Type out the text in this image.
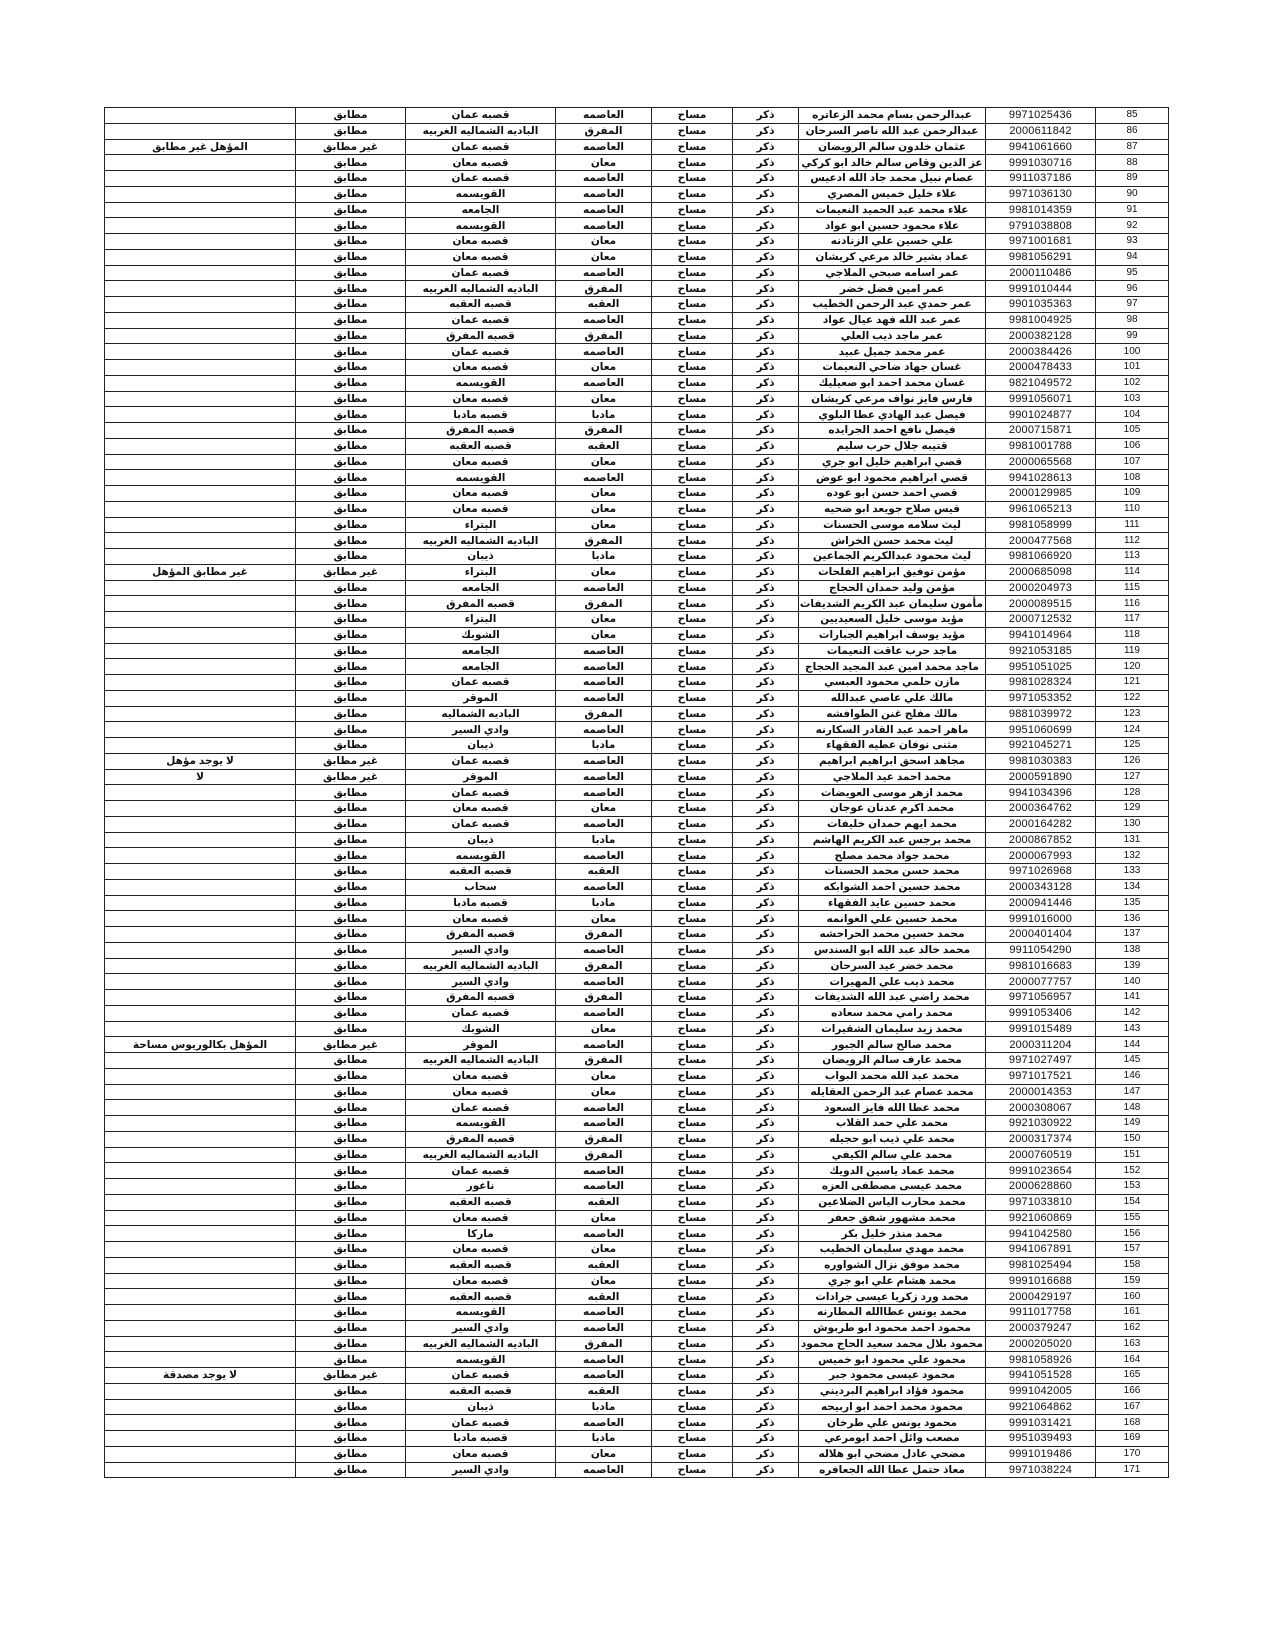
	مطابق	قصبه عمان	العاصمه	مساح	ذكر	عبدالرحمن بسام محمد الزعاتره	9971025436	85
	مطابق	الباديه الشماليه الغربيه	المفرق	مساح	ذكر	عبدالرحمن عبد الله ناصر السرحان	2000611842	86
المؤهل غير مطابق	غير مطابق	قصبه عمان	العاصمه	مساح	ذكر	عثمان خلدون سالم الرويضان	9941061660	87
	مطابق	قصبه معان	معان	مساح	ذكر	عز الدين وقاص سالم خالد ابو كركي	9991030716	88
	مطابق	قصبه عمان	العاصمه	مساح	ذكر	عصام نبيل محمد جاد الله ادعيس	9911037186	89
	مطابق	القويسمه	العاصمه	مساح	ذكر	علاء خليل خميس المصري	9971036130	90
	مطابق	الجامعه	العاصمه	مساح	ذكر	علاء محمد عبد الحميد النعيمات	9981014359	91
	مطابق	القويسمه	العاصمه	مساح	ذكر	علاء محمود حسين ابو عواد	9791038808	92
	مطابق	قصبه معان	معان	مساح	ذكر	علي حسين علي الزنادنه	9971001681	93
	مطابق	قصبه معان	معان	مساح	ذكر	عماد بشير خالد مرعي كريشان	9981056291	94
	مطابق	قصبه عمان	العاصمه	مساح	ذكر	عمر اسامه صبحي الملاجي	2000110486	95
	مطابق	الباديه الشماليه الغربيه	المفرق	مساح	ذكر	عمر امين فضل خضر	9991010444	96
	مطابق	قصبه العقبه	العقبه	مساح	ذكر	عمر حمدي عبد الرحمن الخطيب	9901035363	97
	مطابق	قصبه عمان	العاصمه	مساح	ذكر	عمر عبد الله فهد عيال عواد	9981004925	98
	مطابق	قصبه المفرق	المفرق	مساح	ذكر	عمر ماجد ذيب العلي	2000382128	99
	مطابق	قصبه عمان	العاصمه	مساح	ذكر	عمر محمد جميل عبيد	2000384426	100
	مطابق	قصبه معان	معان	مساح	ذكر	غسان جهاد ضاحي النعيمات	2000478433	101
	مطابق	القويسمه	العاصمه	مساح	ذكر	غسان محمد احمد ابو صعيليك	9821049572	102
	مطابق	قصبه معان	معان	مساح	ذكر	فارس فايز نواف مرعي كريشان	9991056071	103
	مطابق	قصبه مادبا	مادبا	مساح	ذكر	فيصل عبد الهادي عطا البلوي	9901024877	104
	مطابق	قصبه المفرق	المفرق	مساح	ذكر	فيصل نافع احمد الجرايده	2000715871	105
	مطابق	قصبه العقبه	العقبه	مساح	ذكر	قتيبه جلال حرب سليم	9981001788	106
	مطابق	قصبه معان	معان	مساح	ذكر	قصي ابراهيم خليل ابو جري	2000065568	107
	مطابق	القويسمه	العاصمه	مساح	ذكر	قصي ابراهيم محمود ابو عوض	9941028613	108
	مطابق	قصبه معان	معان	مساح	ذكر	قصي احمد حسن ابو عوده	2000129985	109
	مطابق	قصبه معان	معان	مساح	ذكر	قيس صلاح جويعد ابو ضحيه	9961065213	110
	مطابق	البتراء	معان	مساح	ذكر	ليث سلامه موسى الحسنات	9981058999	111
	مطابق	الباديه الشماليه الغربيه	المفرق	مساح	ذكر	ليث محمد حسن الخراش	2000477568	112
	مطابق	ذيبان	مادبا	مساح	ذكر	ليث محمود عبدالكريم الجماعين	9981066920	113
غير مطابق المؤهل	غير مطابق	البتراء	معان	مساح	ذكر	مؤمن توفيق ابراهيم الفلحات	2000685098	114
	مطابق	الجامعه	العاصمه	مساح	ذكر	مؤمن وليد حمدان الحجاج	2000204973	115
	مطابق	قصبه المفرق	المفرق	مساح	ذكر	مأمون سليمان عبد الكريم الشديفات	2000089515	116
	مطابق	البتراء	معان	مساح	ذكر	مؤيد موسى خليل السعيديين	2000712532	117
	مطابق	الشوبك	معان	مساح	ذكر	مؤيد يوسف ابراهيم الجبارات	9941014964	118
	مطابق	الجامعه	العاصمه	مساح	ذكر	ماجد حرب عاقت النعيمات	9921053185	119
	مطابق	الجامعه	العاصمه	مساح	ذكر	ماجد محمد امين عبد المجيد الحجاج	9951051025	120
	مطابق	قصبه عمان	العاصمه	مساح	ذكر	مازن حلمي محمود العبسي	9981028324	121
	مطابق	الموقر	العاصمه	مساح	ذكر	مالك علي عاصي عبدالله	9971053352	122
	مطابق	الباديه الشماليه	المفرق	مساح	ذكر	مالك مفلح غنن الطوافشه	9881039972	123
	مطابق	وادي السير	العاصمه	مساح	ذكر	ماهر احمد عبد القادر السكارنه	9951060699	124
	مطابق	ذيبان	مادبا	مساح	ذكر	مثنى نوفان عطيه الفقهاء	9921045271	125
لا يوجد مؤهل	غير مطابق	قصبه عمان	العاصمه	مساح	ذكر	مجاهد اسحق ابراهيم ابراهيم	9981030383	126
لا	غير مطابق	الموقر	العاصمه	مساح	ذكر	محمد احمد عيد الملاجي	2000591890	127
	مطابق	قصبه عمان	العاصمه	مساح	ذكر	محمد ازهر موسى العويضات	9941034396	128
	مطابق	قصبه معان	معان	مساح	ذكر	محمد اكرم عدنان عوجان	2000364762	129
	مطابق	قصبه عمان	العاصمه	مساح	ذكر	محمد ايهم حمدان خليفات	2000164282	130
	مطابق	ذيبان	مادبا	مساح	ذكر	محمد برجس عبد الكريم الهاشم	2000867852	131
	مطابق	القويسمه	العاصمه	مساح	ذكر	محمد جواد محمد مصلح	2000067993	132
	مطابق	قصبه العقبه	العقبه	مساح	ذكر	محمد حسن محمد الحسنات	9971026968	133
	مطابق	سحاب	العاصمه	مساح	ذكر	محمد حسين احمد الشوابكه	2000343128	134
	مطابق	قصبه مادبا	مادبا	مساح	ذكر	محمد حسين عايد الفقهاء	2000941446	135
	مطابق	قصبه معان	معان	مساح	ذكر	محمد حسين علي الغوانمه	9991016000	136
	مطابق	قصبه المفرق	المفرق	مساح	ذكر	محمد حسين محمد الحراحشه	2000401404	137
	مطابق	وادي السير	العاصمه	مساح	ذكر	محمد خالد عبد الله ابو السندس	9911054290	138
	مطابق	الباديه الشماليه الغربيه	المفرق	مساح	ذكر	محمد خضر عيد السرحان	9981016683	139
	مطابق	وادي السير	العاصمه	مساح	ذكر	محمد ذيب علي المهيرات	2000077757	140
	مطابق	قصبه المفرق	المفرق	مساح	ذكر	محمد راضي عبد الله الشديفات	9971056957	141
	مطابق	قصبه عمان	العاصمه	مساح	ذكر	محمد رامي محمد سعاده	9991053406	142
	مطابق	الشوبك	معان	مساح	ذكر	محمد زيد سليمان الشقيرات	9991015489	143
المؤهل بكالوريوس مساحة	غير مطابق	الموقر	العاصمه	مساح	ذكر	محمد صالح سالم الجبور	2000311204	144
	مطابق	الباديه الشماليه الغربيه	المفرق	مساح	ذكر	محمد عارف سالم الرويضان	9971027497	145
	مطابق	قصبه معان	معان	مساح	ذكر	محمد عبد الله محمد البواب	9971017521	146
	مطابق	قصبه معان	معان	مساح	ذكر	محمد عصام عبد الرحمن العقايله	2000014353	147
	مطابق	قصبه عمان	العاصمه	مساح	ذكر	محمد عطا الله فايز السعود	2000308067	148
	مطابق	القويسمه	العاصمه	مساح	ذكر	محمد علي حمد القلاب	9921030922	149
	مطابق	قصبه المفرق	المفرق	مساح	ذكر	محمد علي ذيب ابو حجيله	2000317374	150
	مطابق	الباديه الشماليه الغربيه	المفرق	مساح	ذكر	محمد علي سالم الكيفي	2000760519	151
	مطابق	قصبه عمان	العاصمه	مساح	ذكر	محمد عماد ياسين الدويك	9991023654	152
	مطابق	ناعور	العاصمه	مساح	ذكر	محمد عيسى مصطفى العزه	2000628860	153
	مطابق	قصبه العقبه	العقبه	مساح	ذكر	محمد محارب الياس الضلاعين	9971033810	154
	مطابق	قصبه معان	معان	مساح	ذكر	محمد مشهور شفق جعفر	9921060869	155
	مطابق	ماركا	العاصمه	مساح	ذكر	محمد منذر خليل بكر	9941042580	156
	مطابق	قصبه معان	معان	مساح	ذكر	محمد مهدي سليمان الخطيب	9941067891	157
	مطابق	قصبه العقبه	العقبه	مساح	ذكر	محمد موفق نزال الشواوره	9981025494	158
	مطابق	قصبه معان	معان	مساح	ذكر	محمد هشام علي ابو جري	9991016688	159
	مطابق	قصبه العقبه	العقبه	مساح	ذكر	محمد ورد زكريا عيسى جرادات	2000429197	160
	مطابق	القويسمه	العاصمه	مساح	ذكر	محمد يونس عطاالله المطارنه	9911017758	161
	مطابق	وادي السير	العاصمه	مساح	ذكر	محمود احمد محمود ابو طربوش	2000379247	162
	مطابق	الباديه الشماليه الغربيه	المفرق	مساح	ذكر	محمود بلال محمد سعيد الحاج محمود	2000205020	163
	مطابق	القويسمه	العاصمه	مساح	ذكر	محمود علي محمود ابو خميس	9981058926	164
لا يوجد مصدقة	غير مطابق	قصبه عمان	العاصمه	مساح	ذكر	محمود عيسى محمود جبر	9941051528	165
	مطابق	قصبه العقبه	العقبه	مساح	ذكر	محمود فؤاد ابراهيم البرديني	9991042005	166
	مطابق	ذيبان	مادبا	مساح	ذكر	محمود محمد احمد ابو اربيحه	9921064862	167
	مطابق	قصبه عمان	العاصمه	مساح	ذكر	محمود يونس علي طرخان	9991031421	168
	مطابق	قصبه مادبا	مادبا	مساح	ذكر	مصعب وائل احمد ابومرعي	9951039493	169
	مطابق	قصبه معان	معان	مساح	ذكر	مضحي عادل مضحي ابو هلاله	9991019486	170
	مطابق	وادي السير	العاصمه	مساح	ذكر	معاذ حتمل عطا الله الجعافره	9971038224	171
